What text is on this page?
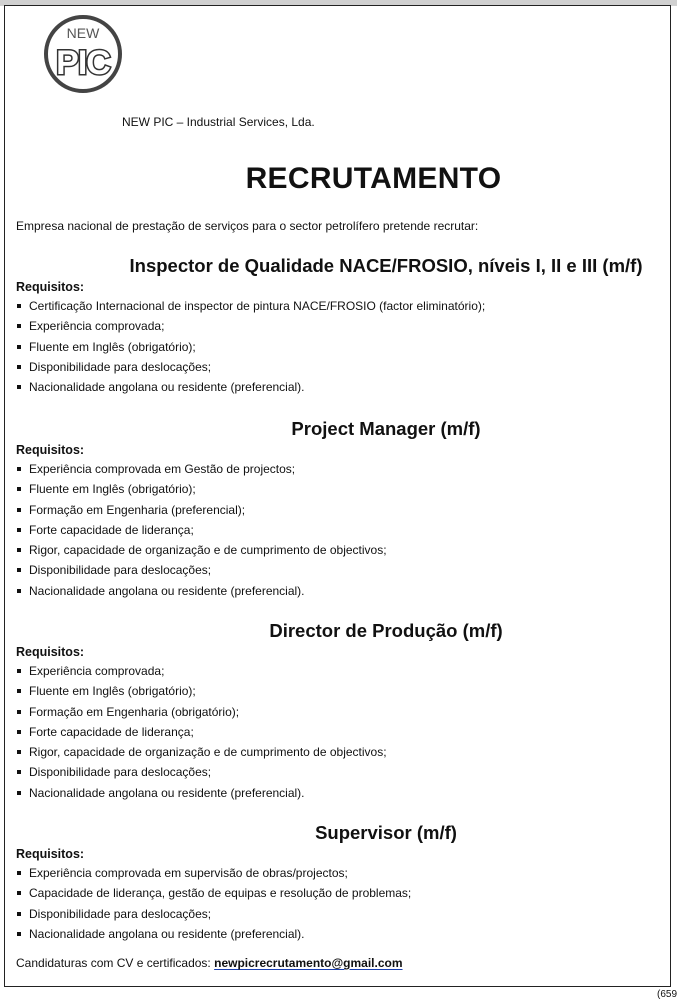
NEW
PIC
NEW PIC – Industrial Services, Lda.
RECRUTAMENTO
Empresa nacional de prestação de serviços para o sector petrolífero pretende recrutar:
Inspector de Qualidade NACE/FROSIO, níveis I, II e III (m/f)
Requisitos:
Certificação Internacional de inspector de pintura NACE/FROSIO (factor eliminatório);
Experiência comprovada;
Fluente em Inglês (obrigatório);
Disponibilidade para deslocações;
Nacionalidade angolana ou residente (preferencial).
Project Manager (m/f)
Requisitos:
Experiência comprovada em Gestão de projectos;
Fluente em Inglês (obrigatório);
Formação em Engenharia (preferencial);
Forte capacidade de liderança;
Rigor, capacidade de organização e de cumprimento de objectivos;
Disponibilidade para deslocações;
Nacionalidade angolana ou residente (preferencial).
Director de Produção (m/f)
Requisitos:
Experiência comprovada;
Fluente em Inglês (obrigatório);
Formação em Engenharia (obrigatório);
Forte capacidade de liderança;
Rigor, capacidade de organização e de cumprimento de objectivos;
Disponibilidade para deslocações;
Nacionalidade angolana ou residente (preferencial).
Supervisor (m/f)
Requisitos:
Experiência comprovada em supervisão de obras/projectos;
Capacidade de liderança, gestão de equipas e resolução de problemas;
Disponibilidade para deslocações;
Nacionalidade angolana ou residente (preferencial).
Candidaturas com CV e certificados: newpicrecrutamento@gmail.com
(659
